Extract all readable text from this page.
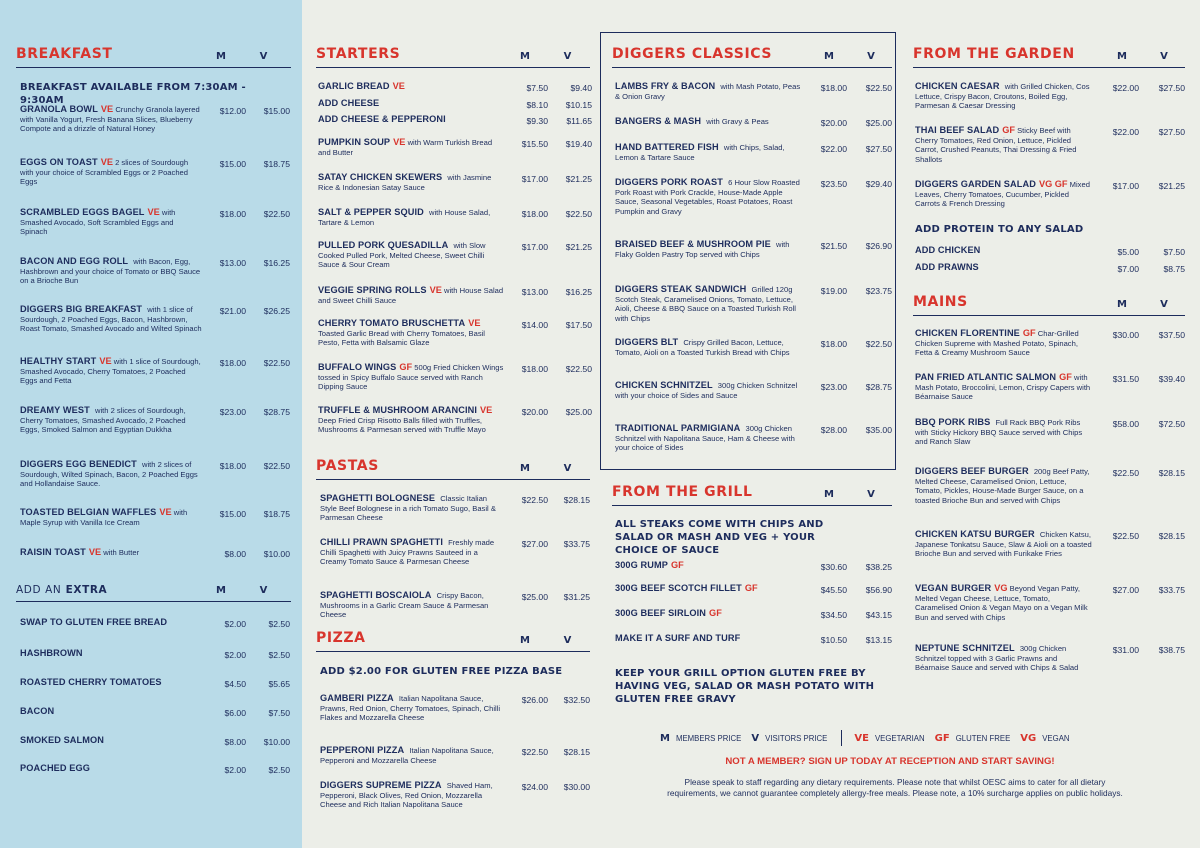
BREAKFAST	M	V
BREAKFAST AVAILABLE FROM 7:30AM - 9:30AM
GRANOLA BOWL VE Crunchy Granola layered with Vanilla Yogurt, Fresh Banana Slices, Blueberry Compote and a drizzle of Natural Honey
$12.00	$15.00
EGGS ON TOAST VE 2 slices of Sourdough with your choice of Scrambled Eggs or 2 Poached Eggs
$15.00	$18.75
SCRAMBLED EGGS BAGEL VE with Smashed Avocado, Soft Scrambled Eggs and Spinach
$18.00	$22.50
BACON AND EGG ROLL with Bacon, Egg, Hashbrown and your choice of Tomato or BBQ Sauce on a Brioche Bun
$13.00	$16.25
DIGGERS BIG BREAKFAST with 1 slice of Sourdough, 2 Poached Eggs, Bacon, Hashbrown, Roast Tomato, Smashed Avocado and Wilted Spinach
$21.00	$26.25
HEALTHY START VE with 1 slice of Sourdough, Smashed Avocado, Cherry Tomatoes, 2 Poached Eggs and Fetta
$18.00	$22.50
DREAMY WEST with 2 slices of Sourdough, Cherry Tomatoes, Smashed Avocado, 2 Poached Eggs, Smoked Salmon and Egyptian Dukkha
$23.00	$28.75
DIGGERS EGG BENEDICT with 2 slices of Sourdough, Wilted Spinach, Bacon, 2 Poached Eggs and Hollandaise Sauce.
$18.00	$22.50
TOASTED BELGIAN WAFFLES VE with Maple Syrup with Vanilla Ice Cream
$15.00	$18.75
RAISIN TOAST VE with Butter	$8.00	$10.00
ADD AN EXTRA	M	V
SWAP TO GLUTEN FREE BREAD	$2.00	$2.50
HASHBROWN	$2.00	$2.50
ROASTED CHERRY TOMATOES	$4.50	$5.65
BACON	$6.00	$7.50
SMOKED SALMON	$8.00	$10.00
POACHED EGG	$2.00	$2.50
STARTERS	M	V
GARLIC BREAD VE	$7.50	$9.40
ADD CHEESE	$8.10	$10.15
ADD CHEESE & PEPPERONI	$9.30	$11.65
PUMPKIN SOUP VE with Warm Turkish Bread and Butter
$15.50	$19.40
SATAY CHICKEN SKEWERS with Jasmine Rice & Indonesian Satay Sauce
$17.00	$21.25
SALT & PEPPER SQUID with House Salad, Tartare & Lemon
$18.00	$22.50
PULLED PORK QUESADILLA with Slow Cooked Pulled Pork, Melted Cheese, Sweet Chilli Sauce & Sour Cream
$17.00	$21.25
VEGGIE SPRING ROLLS VE with House Salad and Sweet Chilli Sauce
$13.00	$16.25
CHERRY TOMATO BRUSCHETTA VE Toasted Garlic Bread with Cherry Tomatoes, Basil Pesto, Fetta with Balsamic Glaze
$14.00	$17.50
BUFFALO WINGS GF 500g Fried Chicken Wings tossed in Spicy Buffalo Sauce served with Ranch Dipping Sauce
$18.00	$22.50
TRUFFLE & MUSHROOM ARANCINI VE Deep Fried Crisp Risotto Balls filled with Truffles, Mushrooms & Parmesan served with Truffle Mayo
$20.00	$25.00
PASTAS	M	V
SPAGHETTI BOLOGNESE Classic Italian Style Beef Bolognese in a rich Tomato Sugo, Basil & Parmesan Cheese
$22.50	$28.15
CHILLI PRAWN SPAGHETTI Freshly made Chilli Spaghetti with Juicy Prawns Sauteed in a Creamy Tomato Sauce & Parmesan Cheese
$27.00	$33.75
SPAGHETTI BOSCAIOLA Crispy Bacon, Mushrooms in a Garlic Cream Sauce & Parmesan Cheese
$25.00	$31.25
PIZZA	M	V
ADD $2.00 FOR GLUTEN FREE PIZZA BASE
GAMBERI PIZZA Italian Napolitana Sauce, Prawns, Red Onion, Cherry Tomatoes, Spinach, Chilli Flakes and Mozzarella Cheese
$26.00	$32.50
PEPPERONI PIZZA Italian Napolitana Sauce, Pepperoni and Mozzarella Cheese
$22.50	$28.15
DIGGERS SUPREME PIZZA Shaved Ham, Pepperoni, Black Olives, Red Onion, Mozzarella Cheese and Rich Italian Napolitana Sauce
$24.00	$30.00
DIGGERS CLASSICS	M	V
LAMBS FRY & BACON with Mash Potato, Peas & Onion Gravy
$18.00	$22.50
BANGERS & MASH with Gravy & Peas	$20.00	$25.00
HAND BATTERED FISH with Chips, Salad, Lemon & Tartare Sauce
$22.00	$27.50
DIGGERS PORK ROAST 6 Hour Slow Roasted Pork Roast with Pork Crackle, House-Made Apple Sauce, Seasonal Vegetables, Roast Potatoes, Roast Pumpkin and Gravy
$23.50	$29.40
BRAISED BEEF & MUSHROOM PIE with Flaky Golden Pastry Top served with Chips
$21.50	$26.90
DIGGERS STEAK SANDWICH Grilled 120g Scotch Steak, Caramelised Onions, Tomato, Lettuce, Aioli, Cheese & BBQ Sauce on a Toasted Turkish Roll with Chips
$19.00	$23.75
DIGGERS BLT Crispy Grilled Bacon, Lettuce, Tomato, Aioli on a Toasted Turkish Bread with Chips
$18.00	$22.50
CHICKEN SCHNITZEL 300g Chicken Schnitzel with your choice of Sides and Sauce
$23.00	$28.75
TRADITIONAL PARMIGIANA 300g Chicken Schnitzel with Napolitana Sauce, Ham & Cheese with your choice of Sides
$28.00	$35.00
FROM THE GRILL	M	V
ALL STEAKS COME WITH CHIPS AND SALAD OR MASH AND VEG + YOUR CHOICE OF SAUCE
300G RUMP GF	$30.60	$38.25
300G BEEF SCOTCH FILLET GF	$45.50	$56.90
300G BEEF SIRLOIN GF	$34.50	$43.15
MAKE IT A SURF AND TURF	$10.50	$13.15
KEEP YOUR GRILL OPTION GLUTEN FREE BY HAVING VEG, SALAD OR MASH POTATO WITH GLUTEN FREE GRAVY
FROM THE GARDEN	M	V
CHICKEN CAESAR with Grilled Chicken, Cos Lettuce, Crispy Bacon, Croutons, Boiled Egg, Parmesan & Caesar Dressing
$22.00	$27.50
THAI BEEF SALAD GF Sticky Beef with Cherry Tomatoes, Red Onion, Lettuce, Pickled Carrot, Crushed Peanuts, Thai Dressing & Fried Shallots
$22.00	$27.50
DIGGERS GARDEN SALAD VG GF Mixed Leaves, Cherry Tomatoes, Cucumber, Pickled Carrots & French Dressing
$17.00	$21.25
ADD PROTEIN TO ANY SALAD
ADD CHICKEN	$5.00	$7.50
ADD PRAWNS	$7.00	$8.75
MAINS	M	V
CHICKEN FLORENTINE GF Char-Grilled Chicken Supreme with Mashed Potato, Spinach, Fetta & Creamy Mushroom Sauce
$30.00	$37.50
PAN FRIED ATLANTIC SALMON GF with Mash Potato, Broccolini, Lemon, Crispy Capers with Béarnaise Sauce
$31.50	$39.40
BBQ PORK RIBS Full Rack BBQ Pork Ribs with Sticky Hickory BBQ Sauce served with Chips and Ranch Slaw
$58.00	$72.50
DIGGERS BEEF BURGER 200g Beef Patty, Melted Cheese, Caramelised Onion, Lettuce, Tomato, Pickles, House-Made Burger Sauce, on a toasted Brioche Bun and served with Chips
$22.50	$28.15
CHICKEN KATSU BURGER Chicken Katsu, Japanese Tonkatsu Sauce, Slaw & Aioli on a toasted Brioche Bun and served with Furikake Fries
$22.50	$28.15
VEGAN BURGER VG Beyond Vegan Patty, Melted Vegan Cheese, Lettuce, Tomato, Caramelised Onion & Vegan Mayo on a Vegan Milk Bun and served with Chips
$27.00	$33.75
NEPTUNE SCHNITZEL 300g Chicken Schnitzel topped with 3 Garlic Prawns and Béarnaise Sauce and served with Chips & Salad
$31.00	$38.75
M MEMBERS PRICE V VISITORS PRICE	VE VEGETARIAN GF GLUTEN FREE VG VEGAN
NOT A MEMBER? SIGN UP TODAY AT RECEPTION AND START SAVING!
Please speak to staff regarding any dietary requirements. Please note that whilst OESC aims to cater for all dietary requirements, we cannot guarantee completely allergy-free meals. Please note, a 10% surcharge applies on public holidays.
